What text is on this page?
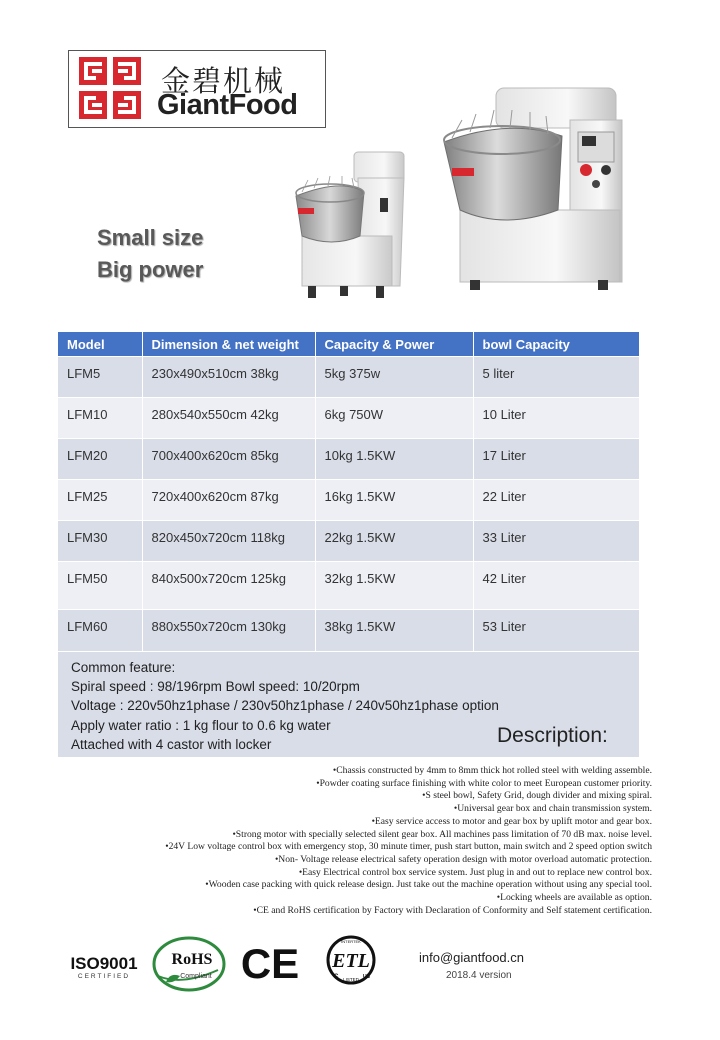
金碧机械
GiantFood
Small size
Big power
Model	Dimension & net weight	Capacity & Power	bowl Capacity
LFM5	230x490x510cm 38kg	5kg 375w	5 liter
LFM10	280x540x550cm 42kg	6kg 750W	10 Liter
LFM20	700x400x620cm 85kg	10kg 1.5KW	17 Liter
LFM25	720x400x620cm 87kg	16kg 1.5KW	22 Liter
LFM30	820x450x720cm 118kg	22kg 1.5KW	33 Liter
LFM50	840x500x720cm 125kg	32kg 1.5KW	42 Liter
LFM60	880x550x720cm 130kg	38kg 1.5KW	53 Liter
Common feature:
Spiral speed : 98/196rpm Bowl speed: 10/20rpm
Voltage : 220v50hz1phase / 230v50hz1phase / 240v50hz1phase option
Apply water ratio : 1 kg flour to 0.6 kg water
Attached with 4 castor with locker	Description:
•Chassis constructed by 4mm to 8mm thick hot rolled steel with welding assemble.
•Powder coating surface finishing with white color to meet European customer priority.
•S steel bowl, Safety Grid, dough divider and mixing spiral.
•Universal gear box and chain transmission system.
•Easy service access to motor and gear box by uplift motor and gear box.
•Strong motor with specially selected silent gear box. All machines pass limitation of 70 dB max. noise level.
•24V Low voltage control box with emergency stop, 30 minute timer, push start button, main switch and 2 speed option switch
•Non- Voltage release electrical safety operation design with motor overload automatic protection.
•Easy Electrical control box service system. Just plug in and out to replace new control box.
•Wooden case packing with quick release design. Just take out the machine operation without using any special tool.
•Locking wheels are available as option.
•CE and RoHS certification by Factory with Declaration of Conformity and Self statement certification.
ISO9001
CERTIFIED
RoHS
Compliant CE	INTERTEK
ETL
LISTED
C	US
info@giantfood.cn
2018.4 version
